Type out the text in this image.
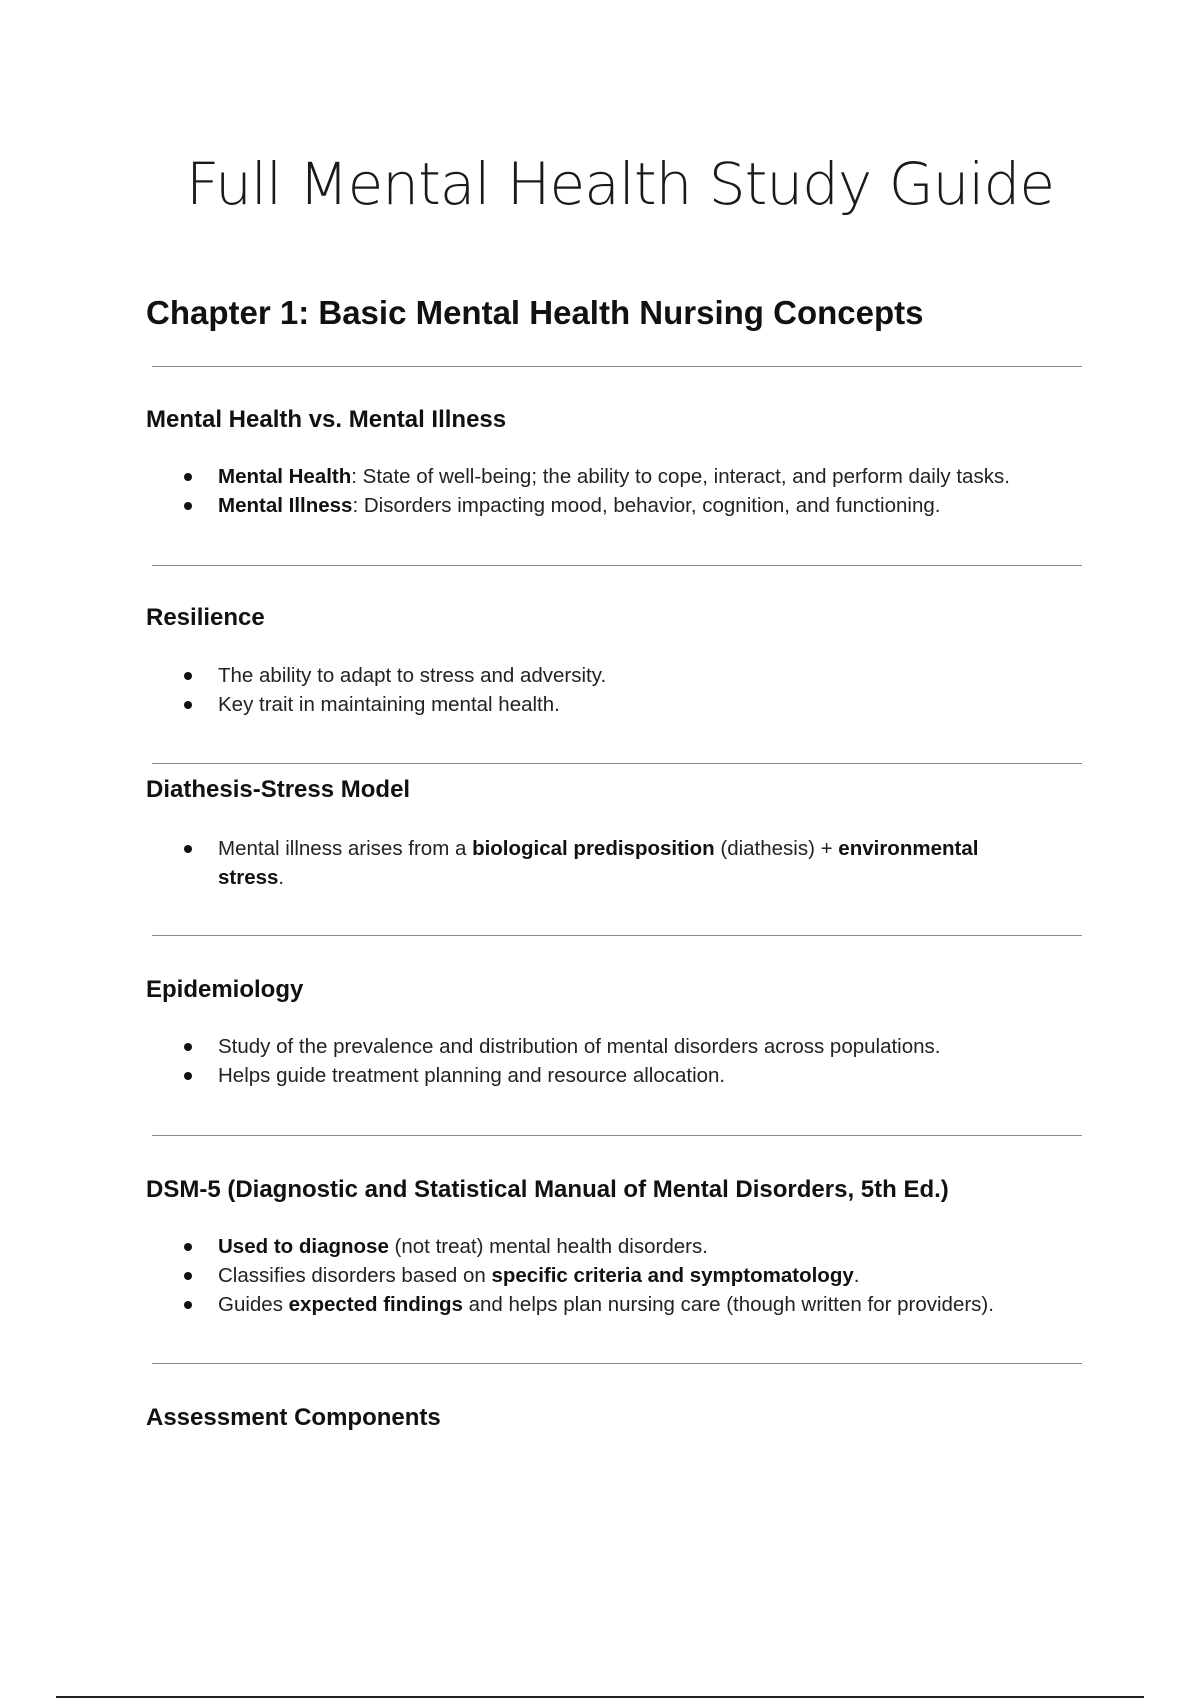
Full Mental Health Study Guide
Chapter 1: Basic Mental Health Nursing Concepts
Mental Health vs. Mental Illness
Mental Health: State of well-being; the ability to cope, interact, and perform daily tasks.
Mental Illness: Disorders impacting mood, behavior, cognition, and functioning.
Resilience
The ability to adapt to stress and adversity.
Key trait in maintaining mental health.
Diathesis-Stress Model
Mental illness arises from a biological predisposition (diathesis) + environmental stress.
Epidemiology
Study of the prevalence and distribution of mental disorders across populations.
Helps guide treatment planning and resource allocation.
DSM-5 (Diagnostic and Statistical Manual of Mental Disorders, 5th Ed.)
Used to diagnose (not treat) mental health disorders.
Classifies disorders based on specific criteria and symptomatology.
Guides expected findings and helps plan nursing care (though written for providers).
Assessment Components
